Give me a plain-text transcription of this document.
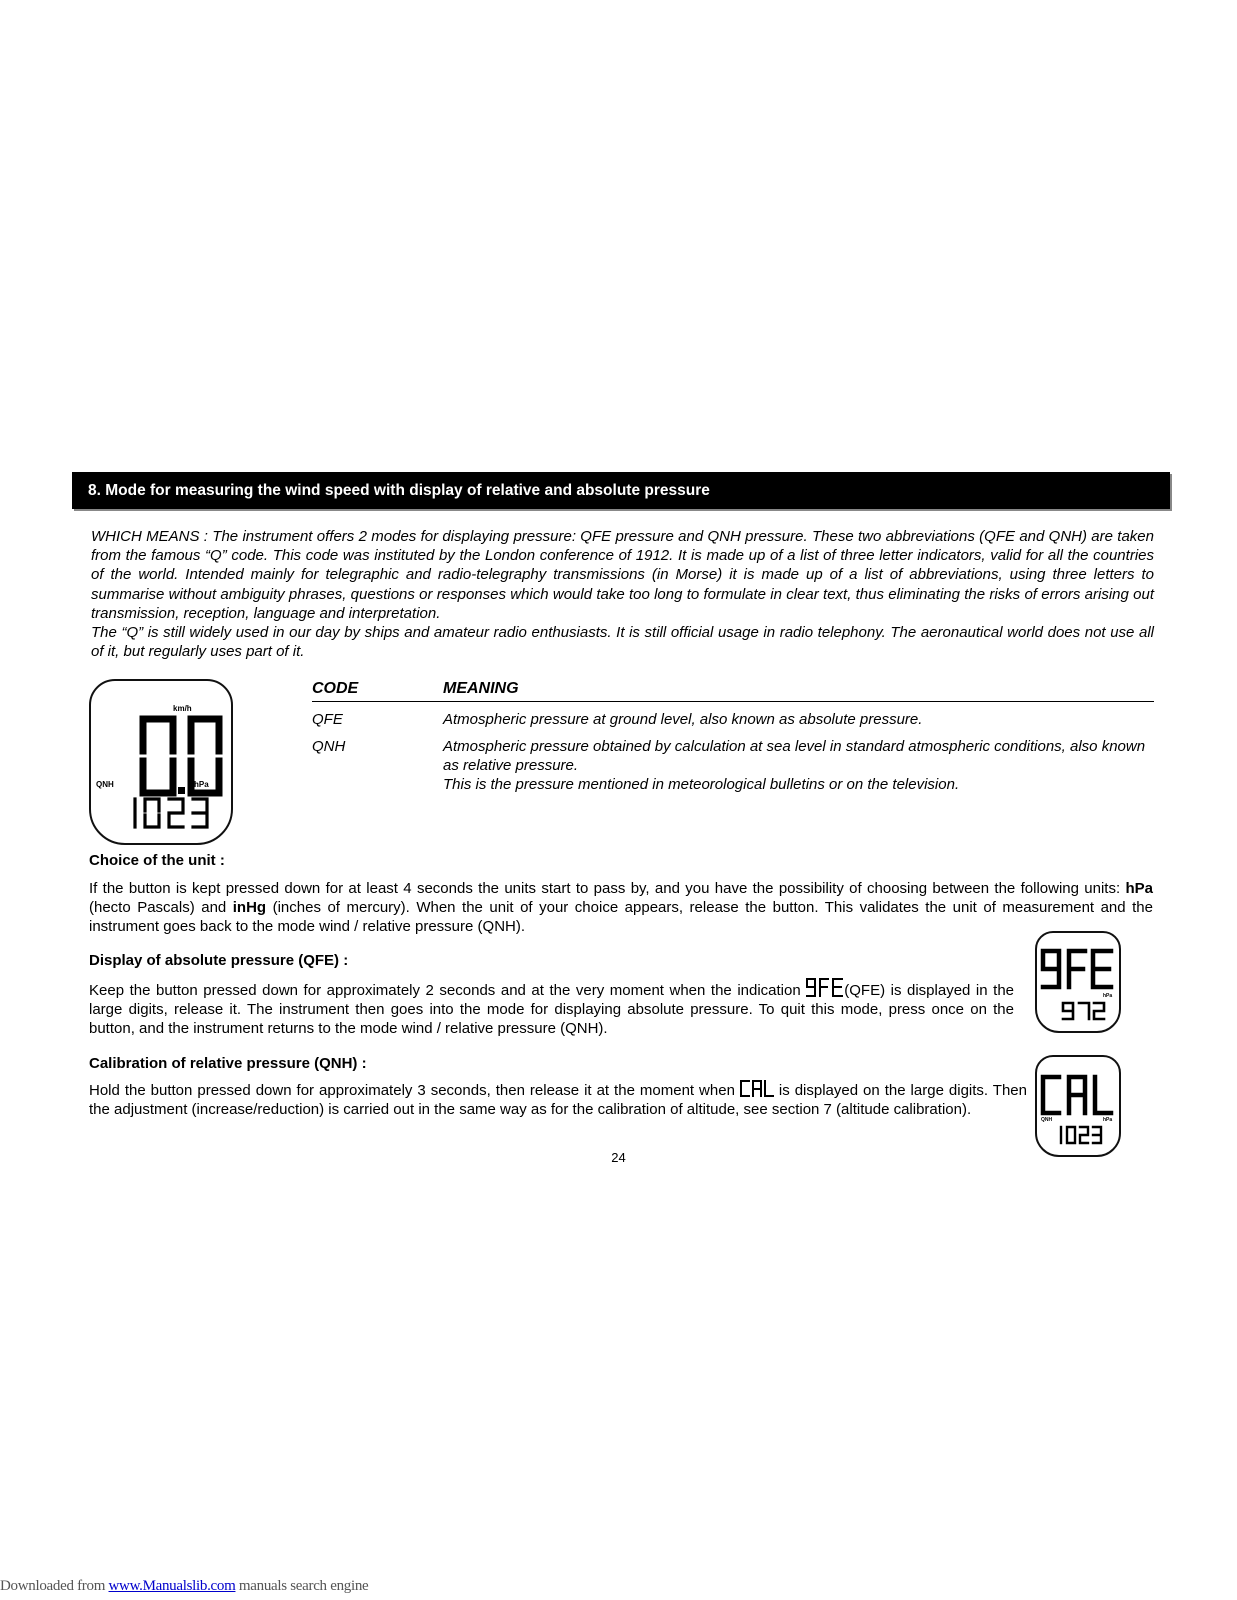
8. Mode for measuring the wind speed with display of relative and absolute pressure

WHICH MEANS : The instrument offers 2 modes for displaying pressure: QFE pressure and QNH pressure. These two abbreviations (QFE and QNH) are taken from the famous “Q” code. This code was instituted by the London conference of 1912. It is made up of a list of three letter indicators, valid for all the countries of the world. Intended mainly for telegraphic and radio-telegraphy transmissions (in Morse) it is made up of a list of abbreviations, using three letters to summarise without ambiguity phrases, questions or responses which would take too long to formulate in clear text, thus eliminating the risks of errors arising out transmission, reception, language and interpretation.

The “Q” is still widely used in our day by ships and amateur radio enthusiasts. It is still official usage in radio telephony. The aeronautical world does not use all of it, but regularly uses part of it.

km/h
QNH	hPa
CODE	MEANING
QFE	Atmospheric pressure at ground level, also known as absolute pressure.
QNH	Atmospheric pressure obtained by calculation at sea level in standard atmospheric conditions, also known as relative pressure.
This is the pressure mentioned in meteorological bulletins or on the television.
Choice of the unit :

If the button is kept pressed down for at least 4 seconds the units start to pass by, and you have the possibility of choosing between the following units: hPa (hecto Pascals) and inHg (inches of mercury). When the unit of your choice appears, release the button. This validates the unit of measurement and the instrument goes back to the mode wind / relative pressure (QNH).

Display of absolute pressure (QFE) :

Keep the button pressed down for approximately 2 seconds and at the very moment when the indication	(QFE) is displayed in the large digits, release it. The instrument then goes into the mode for displaying absolute pressure. To quit this mode, press once on the button, and the instrument returns to the mode wind / relative pressure (QNH).

hPa
Calibration of relative pressure (QNH) :

Hold the button pressed down for approximately 3 seconds, then release it at the moment when  is displayed on the large digits. Then the adjustment (increase/reduction) is carried out in the same way as for the calibration of altitude, see section 7 (altitude calibration).

QNH	hPa
24
Downloaded from www.Manualslib.com manuals search engine
